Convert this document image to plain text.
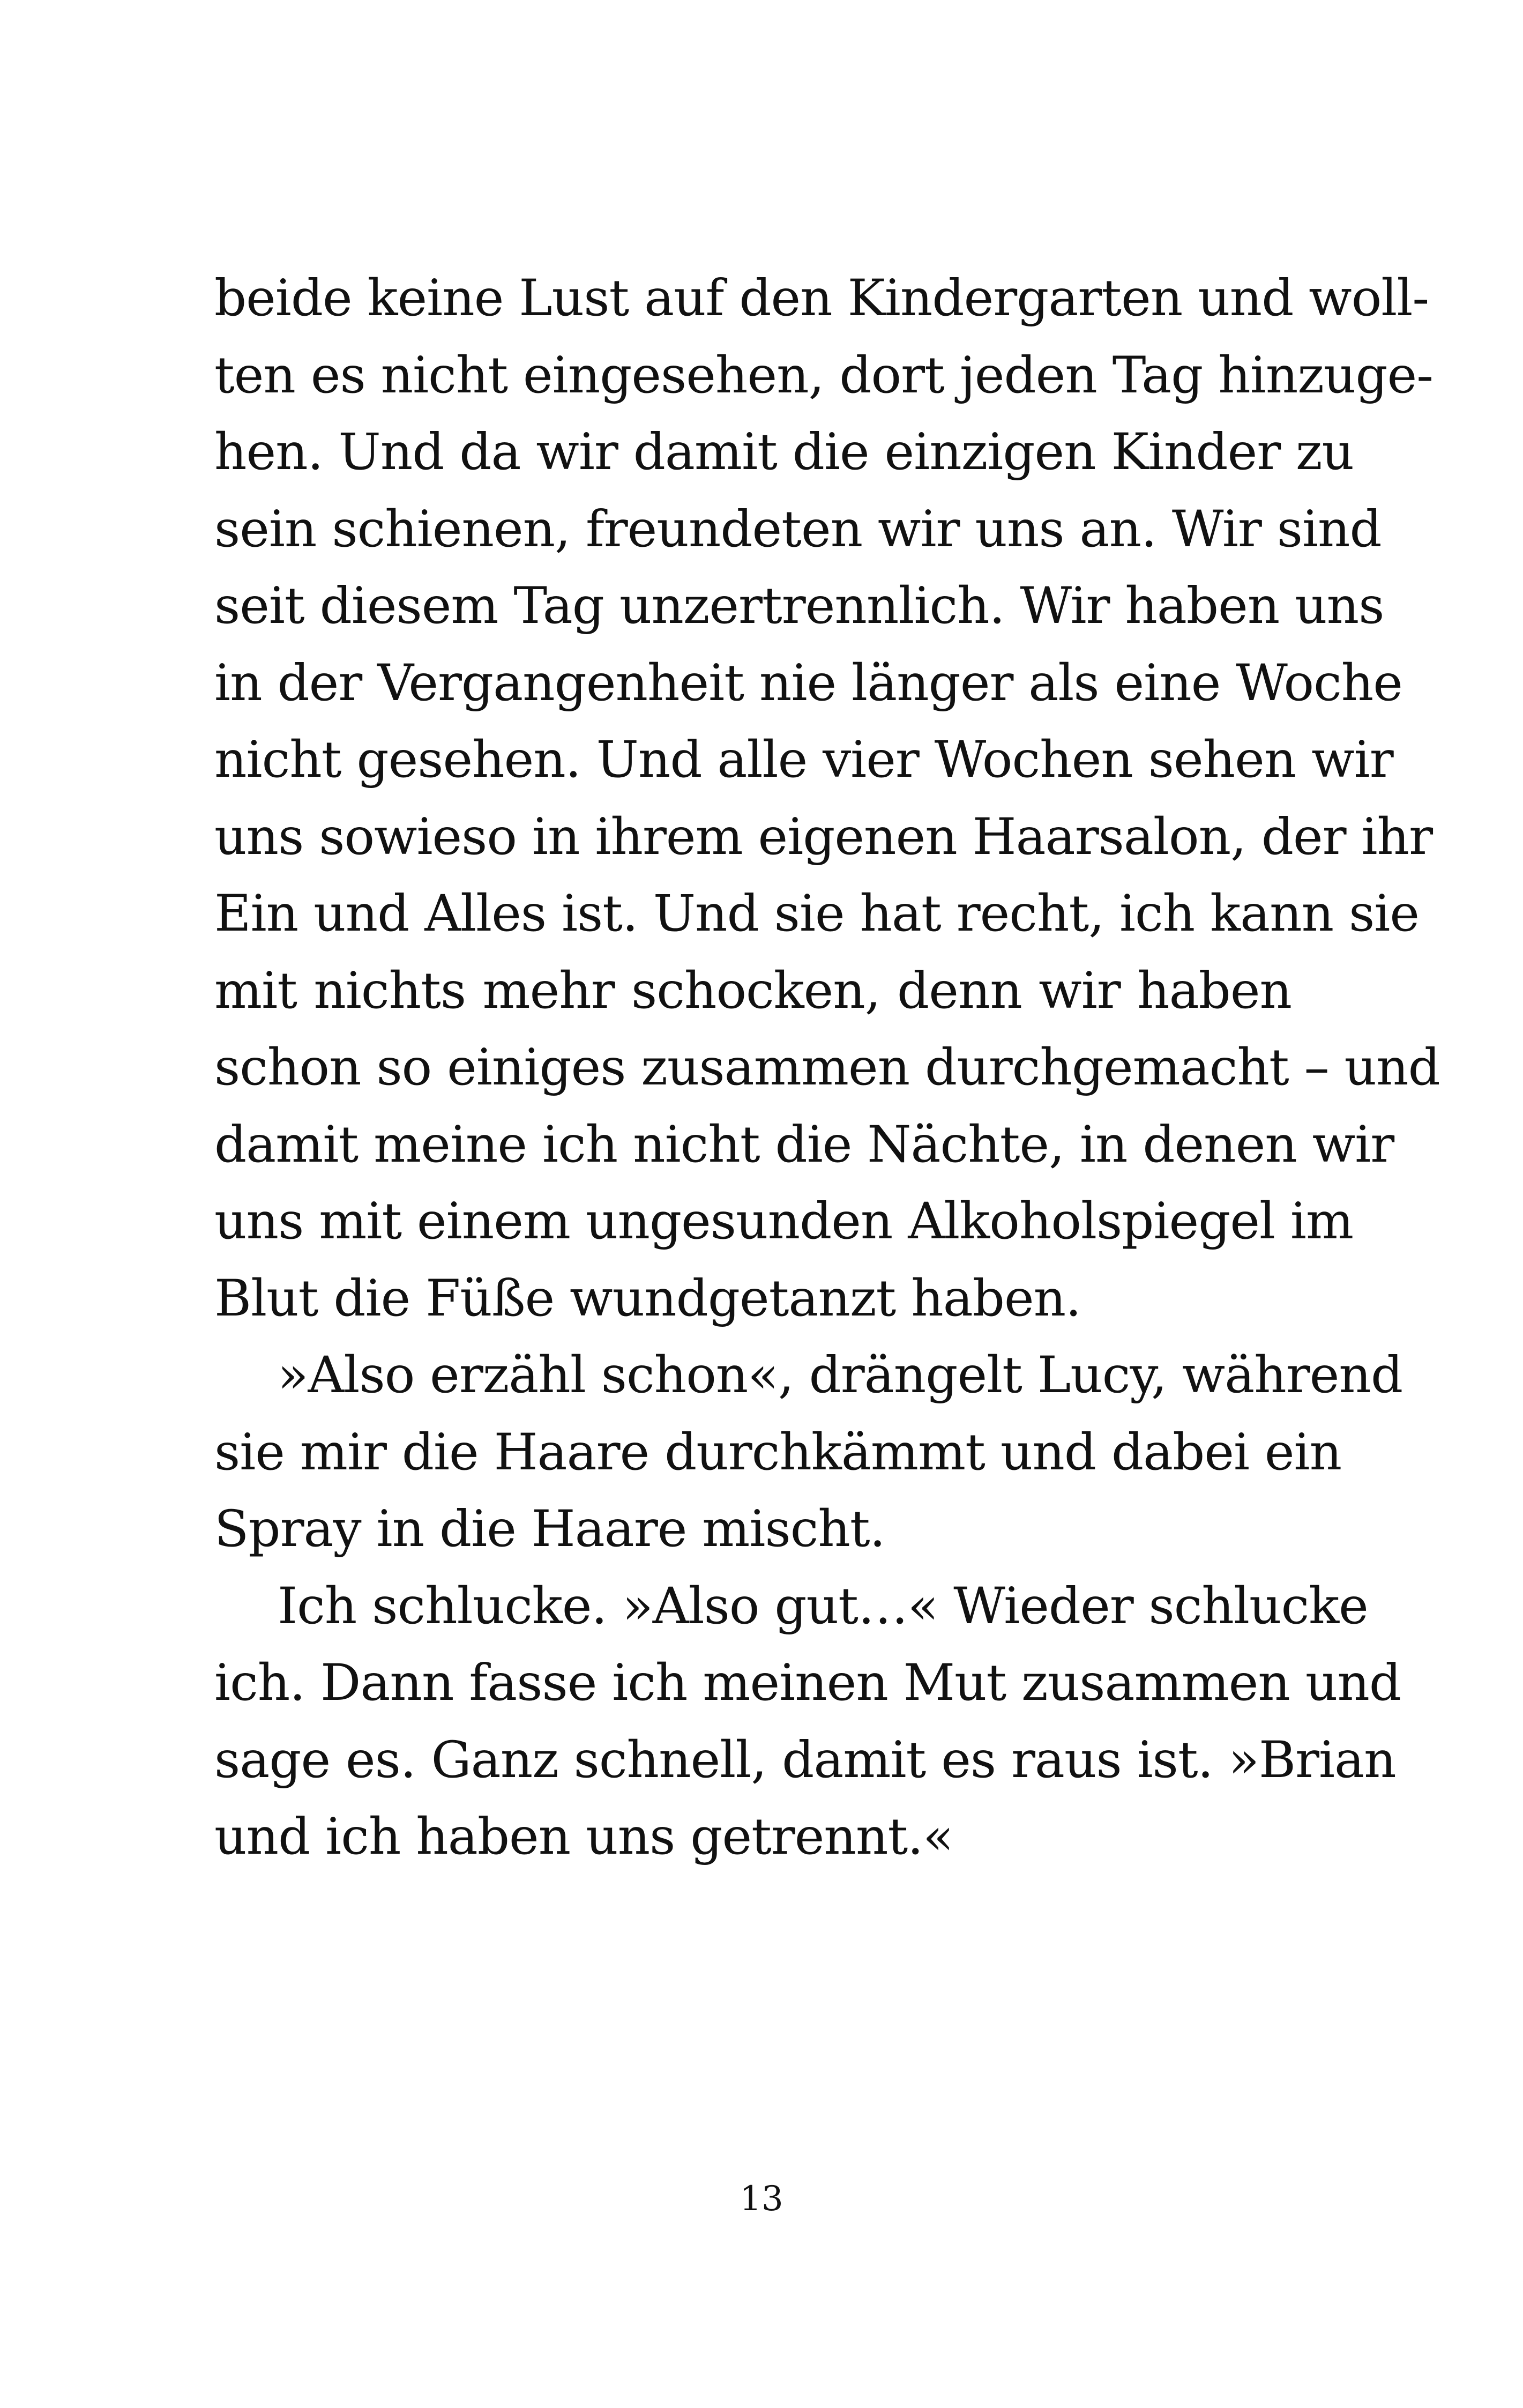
beide keine Lust auf den Kindergarten und woll-
ten es nicht eingesehen, dort jeden Tag hinzuge-
hen. Und da wir damit die einzigen Kinder zu
sein schienen, freundeten wir uns an. Wir sind
seit diesem Tag unzertrennlich. Wir haben uns
in der Vergangenheit nie länger als eine Woche
nicht gesehen. Und alle vier Wochen sehen wir
uns sowieso in ihrem eigenen Haarsalon, der ihr
Ein und Alles ist. Und sie hat recht, ich kann sie
mit nichts mehr schocken, denn wir haben
schon so einiges zusammen durchgemacht – und
damit meine ich nicht die Nächte, in denen wir
uns mit einem ungesunden Alkoholspiegel im
Blut die Füße wundgetanzt haben.
»Also erzähl schon«, drängelt Lucy, während
sie mir die Haare durchkämmt und dabei ein
Spray in die Haare mischt.
Ich schlucke. »Also gut…« Wieder schlucke
ich. Dann fasse ich meinen Mut zusammen und
sage es. Ganz schnell, damit es raus ist. »Brian
und ich haben uns getrennt.«
13
